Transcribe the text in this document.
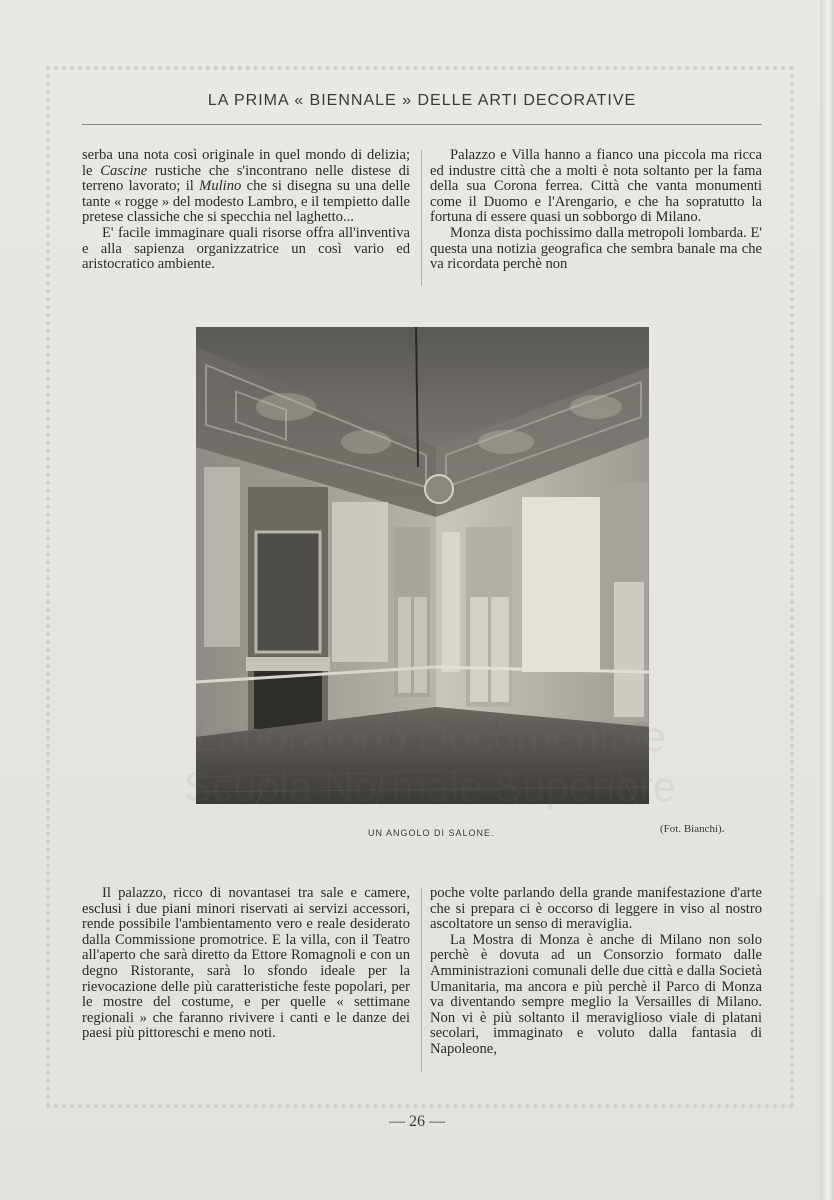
LA PRIMA « BIENNALE » DELLE ARTI DECORATIVE

serba una nota così originale in quel mondo di delizia; le Cascine rustiche che s'incontrano nelle distese di terreno lavorato; il Mulino che si disegna su una delle tante « rogge » del modesto Lambro, e il tempietto dalle pretese classiche che si specchia nel laghetto...

E' facile immaginare quali risorse offra all'inventiva e alla sapienza organizzatrice un così vario ed aristocratico ambiente.

Palazzo e Villa hanno a fianco una piccola ma ricca ed industre città che a molti è nota soltanto per la fama della sua Corona ferrea. Città che vanta monumenti come il Duomo e l'Arengario, e che ha sopratutto la fortuna di essere quasi un sobborgo di Milano.

Monza dista pochissimo dalla metropoli lombarda. E' questa una notizia geografica che sembra banale ma che va ricordata perchè non

UN ANGOLO DI SALONE.	(Fot. Bianchi).

Il palazzo, ricco di novantasei tra sale e camere, esclusi i due piani minori riservati ai servizi accessori, rende possibile l'ambientamento vero e reale desiderato dalla Commissione promotrice. E la villa, con il Teatro all'aperto che sarà diretto da Ettore Romagnoli e con un degno Ristorante, sarà lo sfondo ideale per la rievocazione delle più caratteristiche feste popolari, per le mostre del costume, e per quelle « settimane regionali » che faranno rivivere i canti e le danze dei paesi più pittoreschi e meno noti.

poche volte parlando della grande manifestazione d'arte che si prepara ci è occorso di leggere in viso al nostro ascoltatore un senso di meraviglia.

La Mostra di Monza è anche di Milano non solo perchè è dovuta ad un Consorzio formato dalle Amministrazioni comunali delle due città e dalla Società Umanitaria, ma ancora e più perchè il Parco di Monza va diventando sempre meglio la Versailles di Milano. Non vi è più soltanto il meraviglioso viale di platani secolari, immaginato e voluto dalla fantasia di Napoleone,

— 26 —
